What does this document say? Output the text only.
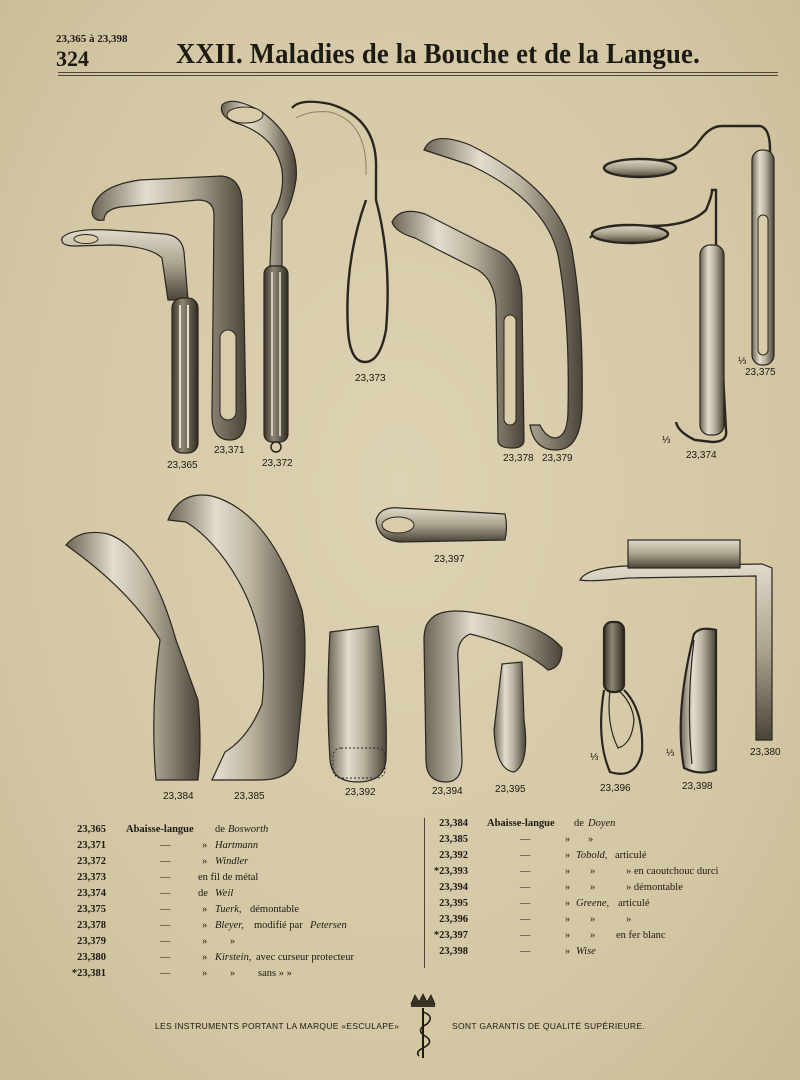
23,365 à 23,398
324	XXII. Maladies de la Bouche et de la Langue.
23,365
23,371
23,372
23,373
23,378 23,379	23,374
23,375
23,397
23,384	23,385	23,392	23,394	23,395	23,396	23,398
23,380
⅓
⅓
⅓	⅓
23,365 Abaisse-langue de Bosworth
23,371	—	» Hartmann
23,372	—	» Windler
23,373	—	en fil de métal
23,374	—	de Weil
23,375	—	» Tuerk, démontable
23,378	—	» Bleyer, modifié par Petersen
23,379	—	» »
23,380	—	» Kirstein, avec curseur protecteur
*23,381	—	» » sans » »
23,384 Abaisse-langue de Doyen
23,385	—	» »
23,392	—	» Tobold, articulé
*23,393	—	» »	» en caoutchouc durci
23,394	—	» »	» démontable
23,395	—	» Greene, articulé
23,396	—	» »	»
*23,397	—	» » en fer blanc
23,398	—	» Wise
LES INSTRUMENTS PORTANT LA MARQUE «ESCULAPE»	SONT GARANTIS DE QUALITÉ SUPÉRIEURE.
